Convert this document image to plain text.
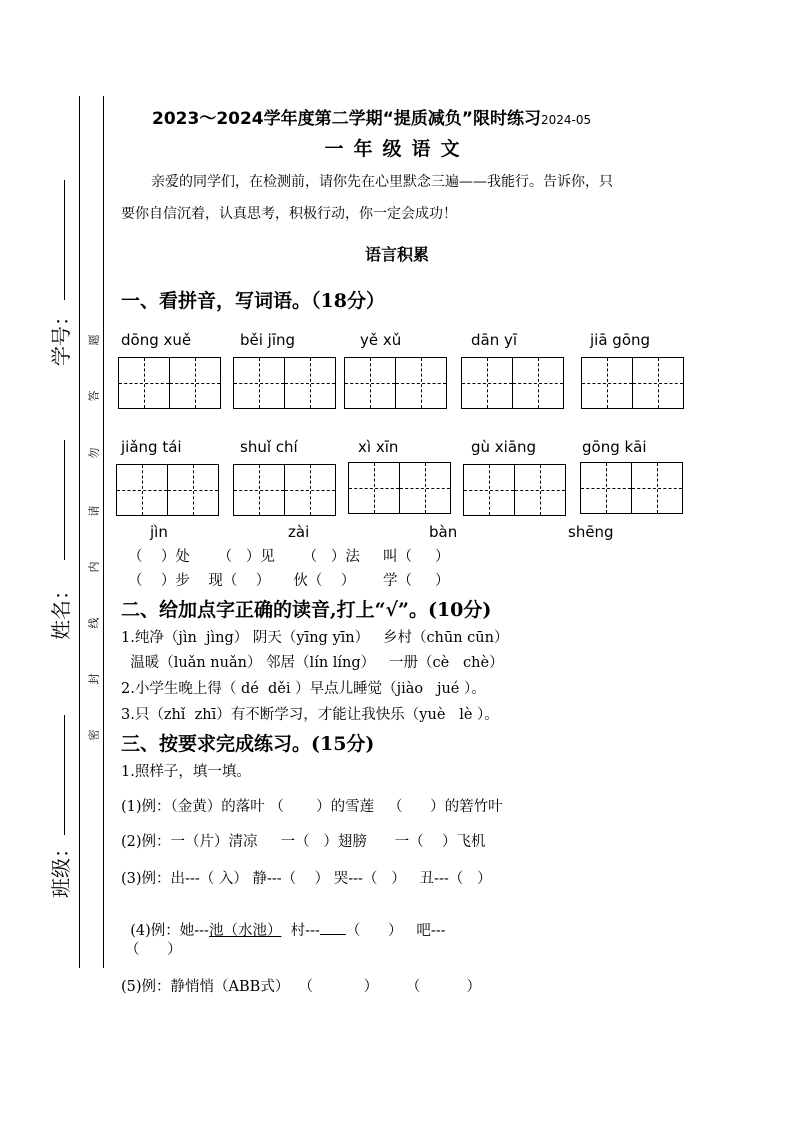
学号：
姓名：
班级：
题
答
勿
请
内
线
封
密
2023～2024学年度第二学期“提质减负”限时练习2024-05
一年级语文
亲爱的同学们，在检测前，请你先在心里默念三遍——我能行。告诉你，只
要你自信沉着，认真思考，积极行动，你一定会成功！
语言积累
一、看拼音，写词语。（18分）
dōng xuě	běi jīng	yě xǔ	dān yī	jiā gōng
jiǎng tái	shuǐ chí	xì xīn	gù xiāng	gōng kāi
jìn	zài	bàn	shēng
（    ）处      （   ）见      （   ）法     叫（     ）
（    ）步    现（    ）     伙（    ）      学（     ）
二、给加点字正确的读音,打上“√”。(10分)
1.纯净（jìn  jìng） 阴天（yīng yīn）   乡村（chūn cūn）
温暖（luǎn nuǎn） 邻居（lín líng）   一册（cè   chè）
2.小学生晚上得（ dé  děi ）早点儿睡觉（jiào   jué ）。
3.只（zhǐ  zhī）有不断学习，才能让我快乐（yuè   lè ）。
三、按要求完成练习。(15分)
1.照样子，填一填。
(1)例：（金黄）的落叶 （       ）的雪莲   （      ）的箬竹叶
(2)例：一（片）清凉     一（   ）翅膀      一（    ）飞机
(3)例：出---（ 入） 静---（    ） 哭---（   ）   丑---（   ）

(4)例：她---池（水池）  村--- （      ）   吧---

（      ）
(5)例：静悄悄（ABB式）  （           ）      （          ）
